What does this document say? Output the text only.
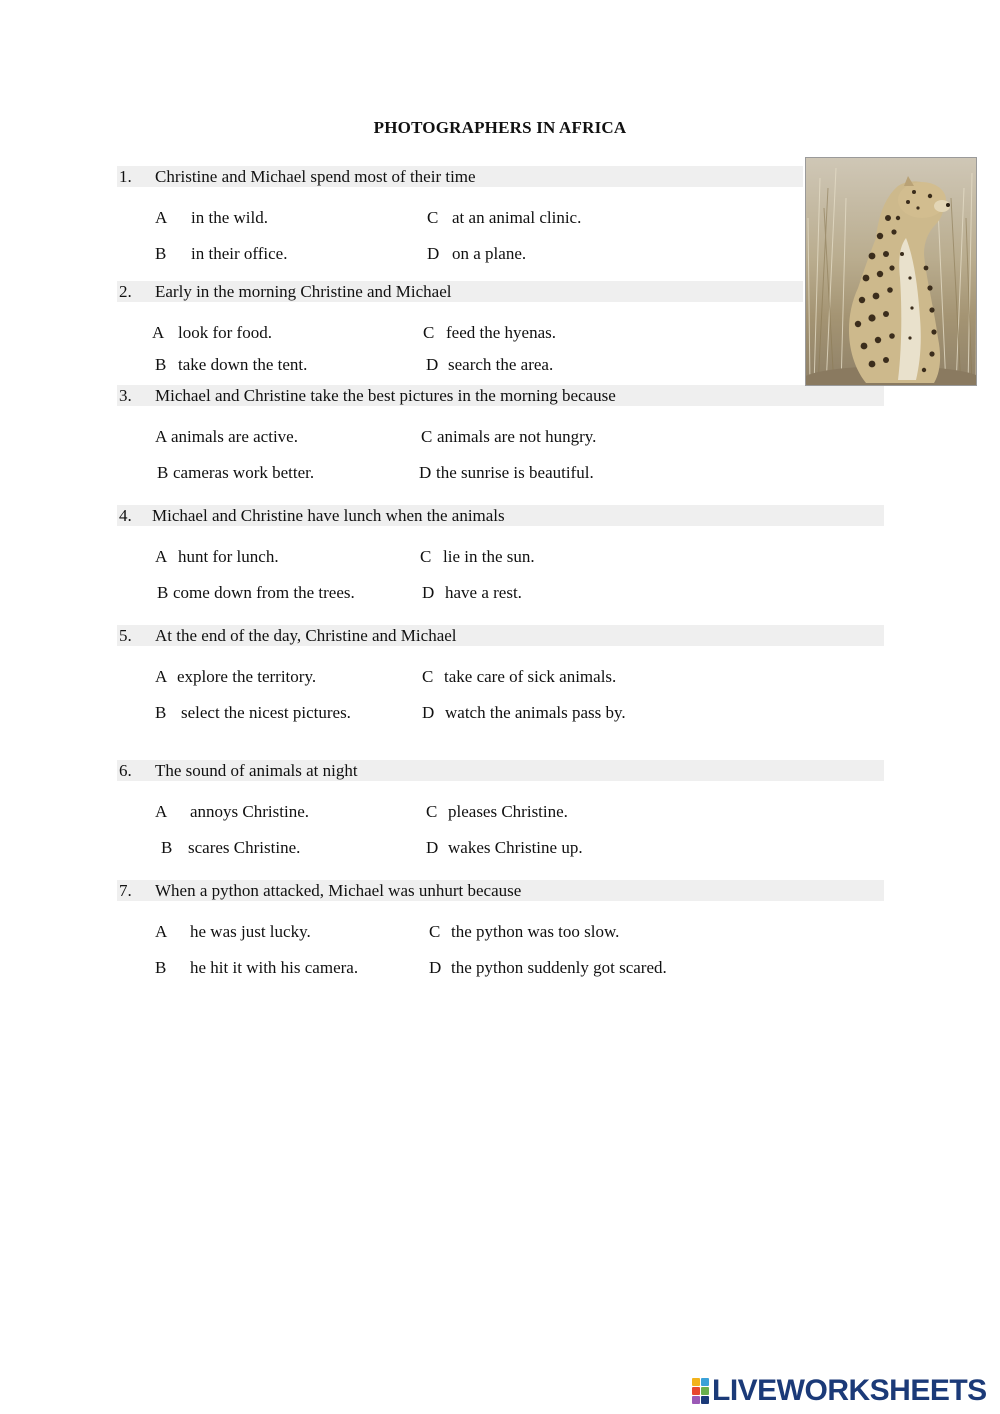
PHOTOGRAPHERS IN AFRICA
1. Christine and Michael spend most of their time
A in the wild.	C at an animal clinic.
B in their office.	D on a plane.
2. Early in the morning Christine and Michael
A look for food.	C feed the hyenas.
B take down the tent.	D search the area.
3. Michael and Christine take the best pictures in the morning because
A animals are active.	C animals are not hungry.
B cameras work better.	D the sunrise is beautiful.
4. Michael and Christine have lunch when the animals
A hunt for lunch.	C lie in the sun.
B come down from the trees.	D have a rest.
5. At the end of the day, Christine and Michael
A explore the territory.	C take care of sick animals.
B select the nicest pictures.	D watch the animals pass by.
6. The sound of animals at night
A annoys Christine.	C pleases Christine.
B scares Christine.	D wakes Christine up.
7. When a python attacked, Michael was unhurt because
A he was just lucky.	C the python was too slow.
B he hit it with his camera.	D the python suddenly got scared.
LIVEWORKSHEETS
